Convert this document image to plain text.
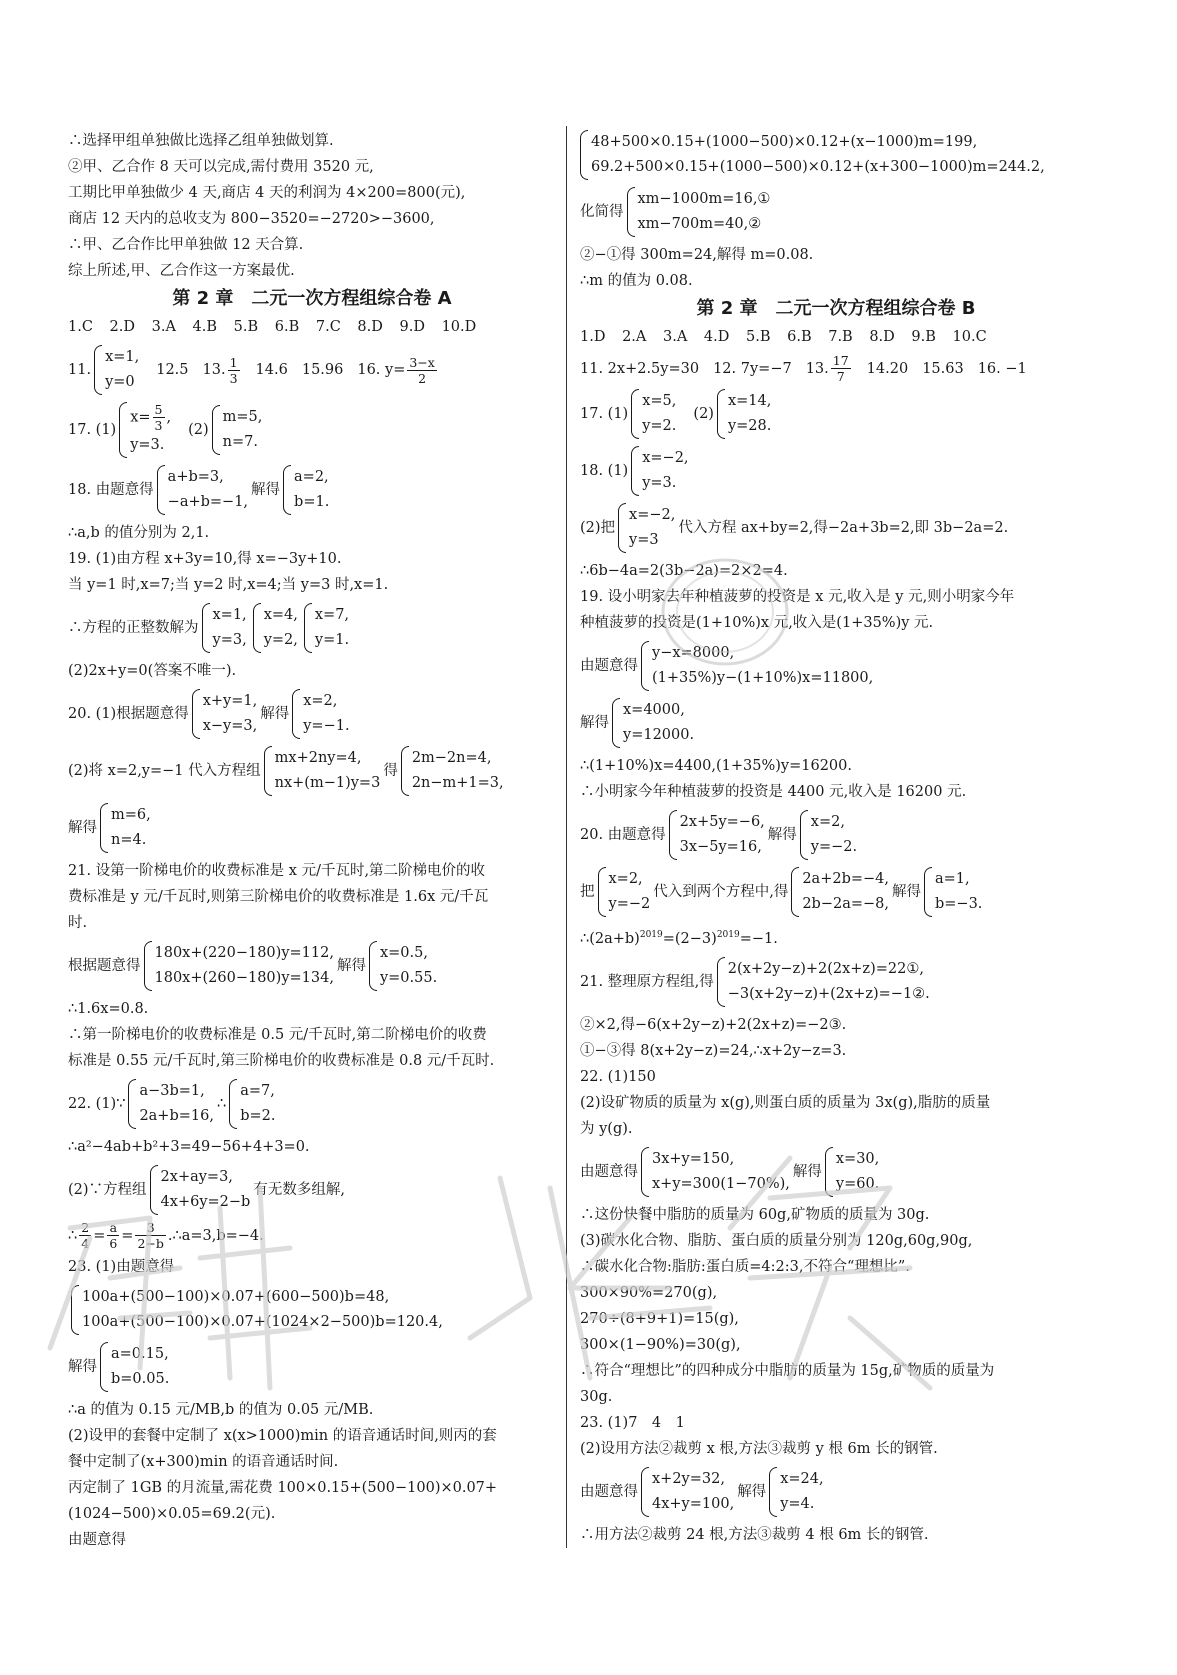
∴选择甲组单独做比选择乙组单独做划算.
②甲、乙合作 8 天可以完成,需付费用 3520 元,
工期比甲单独做少 4 天,商店 4 天的利润为 4×200=800(元),
商店 12 天内的总收支为 800−3520=−2720>−3600,
∴甲、乙合作比甲单独做 12 天合算.
综上所述,甲、乙合作这一方案最优.
第 2 章　二元一次方程组综合卷 A
1.C 2.D 3.A 4.B 5.B 6.B 7.C 8.D 9.D 10.D
11.
x=1,
y=0
12.5 13. $\frac{1}{3} 14.6$ 15.96 16. $y= \frac{3-x}{2}$
17. (1)
$x= \frac{5}{3}$ ,
y=3.
(2)
m=5,
n=7.
18. 由题意得
a+b=3,
−a+b=−1,
解得
a=2,
b=1.
∴a,b 的值分别为 2,1.
19. (1)由方程 x+3y=10,得 x=−3y+10.
当 y=1 时,x=7;当 y=2 时,x=4;当 y=3 时,x=1.
∴方程的正整数解为
x=1,
y=3,
x=4,
y=2,
x=7,
y=1.
(2)2x+y=0(答案不唯一).
20. (1)根据题意得
x+y=1,
x−y=3,
解得
x=2,
y=−1.
(2)将 x=2,y=−1 代入方程组
mx+2ny=4,
nx+(m−1)y=3
得
2m−2n=4,
2n−m+1=3,
解得
m=6,
n=4.
21. 设第一阶梯电价的收费标准是 x 元/千瓦时,第二阶梯电价的收
费标准是 y 元/千瓦时,则第三阶梯电价的收费标准是 1.6x 元/千瓦
时.
根据题意得
180x+(220−180)y=112,
180x+(260−180)y=134,
解得
x=0.5,
y=0.55.
∴1.6x=0.8.
∴第一阶梯电价的收费标准是 0.5 元/千瓦时,第二阶梯电价的收费
标准是 0.55 元/千瓦时,第三阶梯电价的收费标准是 0.8 元/千瓦时.
22. (1)∵
a−3b=1,
2a+b=16,
∴
a=7,
b=2.
∴a²−4ab+b²+3=49−56+4+3=0.
(2)∵方程组
2x+ay=3,
4x+6y=2−b
有无数多组解,
∴ $\frac{2}{4} = \frac{a}{6} = \frac{3}{2-b}$ .∴a=3,b=−4.
23. (1)由题意得
100a+(500−100)×0.07+(600−500)b=48,
100a+(500−100)×0.07+(1024×2−500)b=120.4,
解得
a=0.15,
b=0.05.
∴a 的值为 0.15 元/MB,b 的值为 0.05 元/MB.
(2)设甲的套餐中定制了 x(x>1000)min 的语音通话时间,则丙的套
餐中定制了(x+300)min 的语音通话时间.
丙定制了 1GB 的月流量,需花费 100×0.15+(500−100)×0.07+
(1024−500)×0.05=69.2(元).
由题意得
48+500×0.15+(1000−500)×0.12+(x−1000)m=199,
69.2+500×0.15+(1000−500)×0.12+(x+300−1000)m=244.2,
化简得
xm−1000m=16,①
xm−700m=40,②
②−①得 300m=24,解得 m=0.08.
∴m 的值为 0.08.
第 2 章　二元一次方程组综合卷 B
1.D 2.A 3.A 4.D 5.B 6.B 7.B 8.D 9.B 10.C
11. 2x+2.5y=30 12. 7y=−7 13. $\frac{17}{7} 14.20$ 15.63 16. −1
17. (1)
x=5,
y=2.
(2)
x=14,
y=28.
18. (1)
x=−2,
y=3.
(2)把
x=−2,
y=3
代入方程 ax+by=2,得−2a+3b=2,即 3b−2a=2.
∴6b−4a=2(3b−2a)=2×2=4.
19. 设小明家去年种植菠萝的投资是 x 元,收入是 y 元,则小明家今年
种植菠萝的投资是(1+10%)x 元,收入是(1+35%)y 元.
由题意得
y−x=8000,
(1+35%)y−(1+10%)x=11800,
解得
x=4000,
y=12000.
∴(1+10%)x=4400,(1+35%)y=16200.
∴小明家今年种植菠萝的投资是 4400 元,收入是 16200 元.
20. 由题意得
2x+5y=−6,
3x−5y=16,
解得
x=2,
y=−2.
把
x=2,
y=−2
代入到两个方程中,得
2a+2b=−4,
2b−2a=−8,
解得
a=1,
b=−3.
$\therefore(2a+b)^{2019}=(2-3)^{2019}=-1$.
21. 整理原方程组,得
2(x+2y−z)+2(2x+z)=22①,
−3(x+2y−z)+(2x+z)=−1②.
②×2,得−6(x+2y−z)+2(2x+z)=−2③.
①−③得 8(x+2y−z)=24,∴x+2y−z=3.
22. (1)150
(2)设矿物质的质量为 x(g),则蛋白质的质量为 3x(g),脂肪的质量
为 y(g).
由题意得
3x+y=150,
x+y=300(1−70%),
解得
x=30,
y=60.
∴这份快餐中脂肪的质量为 60g,矿物质的质量为 30g.
(3)碳水化合物、脂肪、蛋白质的质量分别为 120g,60g,90g,
∴碳水化合物:脂肪:蛋白质=4:2:3,不符合“理想比”.
300×90%=270(g),
270÷(8+9+1)=15(g),
300×(1−90%)=30(g),
∴符合“理想比”的四种成分中脂肪的质量为 15g,矿物质的质量为
30g.
23. (1)7　4　1
(2)设用方法②裁剪 x 根,方法③裁剪 y 根 6m 长的钢管.
由题意得
x+2y=32,
4x+y=100,
解得
x=24,
y=4.
∴用方法②裁剪 24 根,方法③裁剪 4 根 6m 长的钢管.
